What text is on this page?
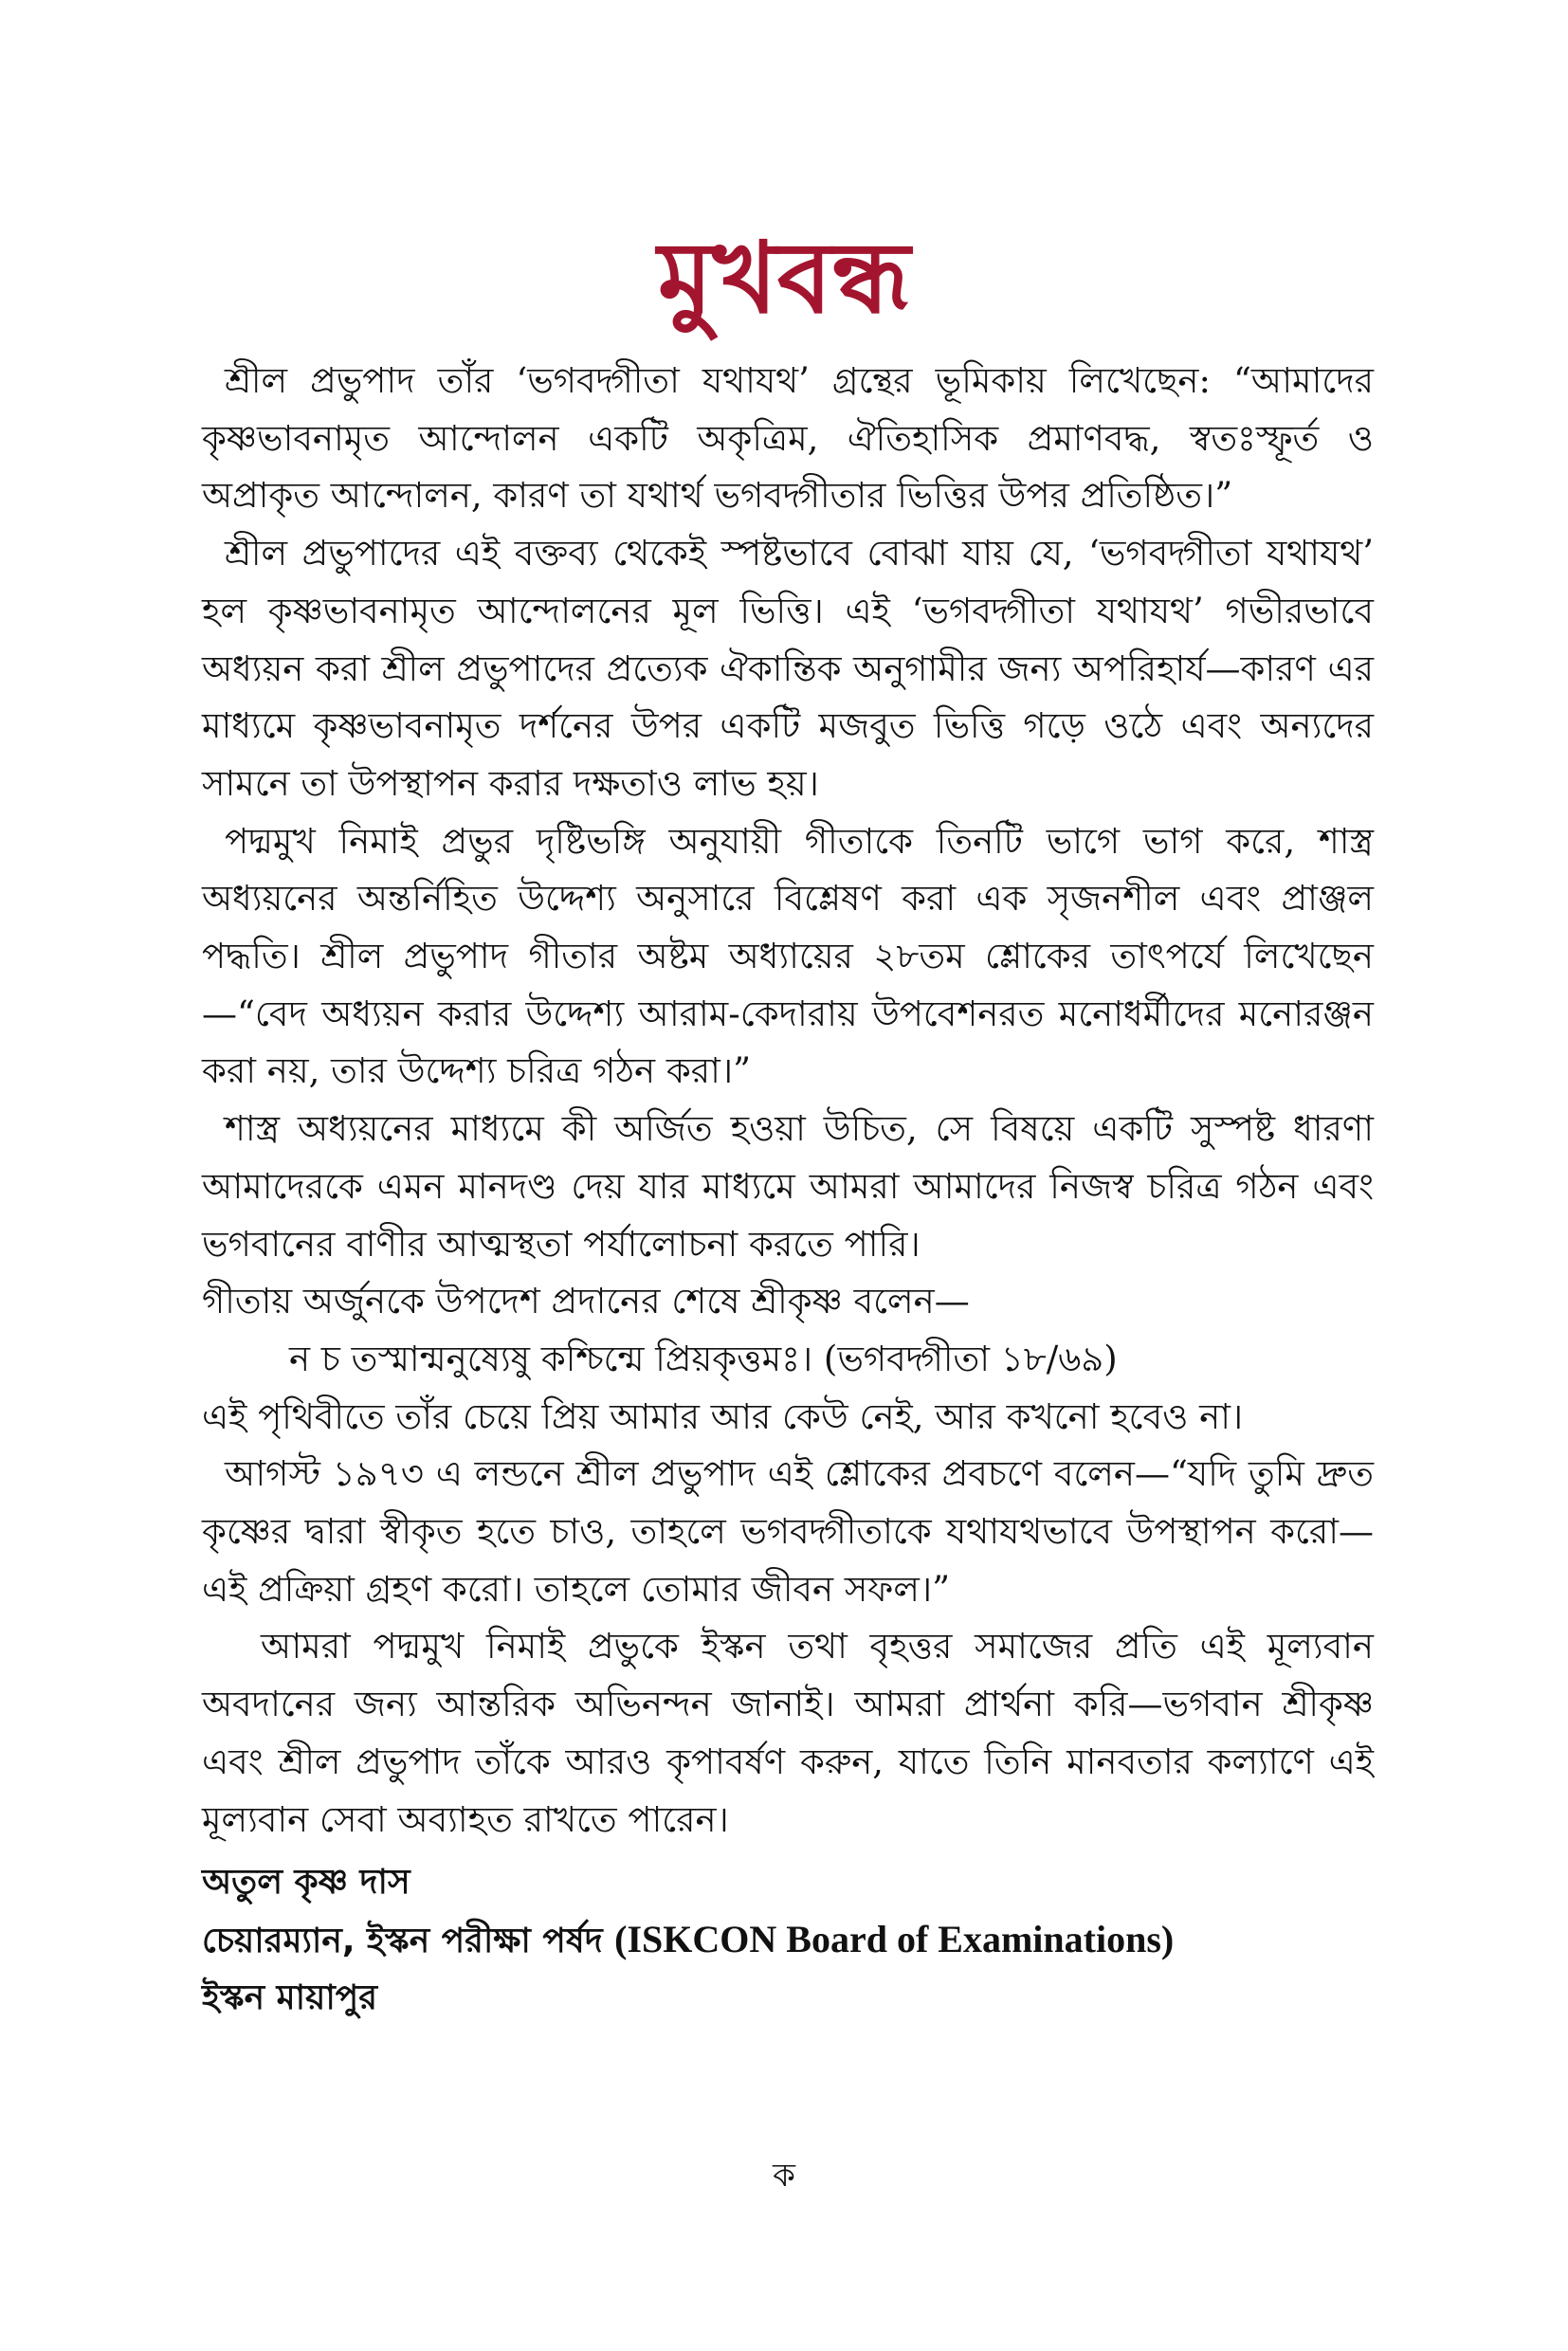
মুখবন্ধ

শ্রীল প্রভুপাদ তাঁর ‘ভগবদ্গীতা যথাযথ’ গ্রন্থের ভূমিকায় লিখেছেন: “আমাদের কৃষ্ণভাবনামৃত আন্দোলন একটি অকৃত্রিম, ঐতিহাসিক প্রমাণবদ্ধ, স্বতঃস্ফূর্ত ও অপ্রাকৃত আন্দোলন, কারণ তা যথার্থ ভগবদ্গীতার ভিত্তির উপর প্রতিষ্ঠিত।”

শ্রীল প্রভুপাদের এই বক্তব্য থেকেই স্পষ্টভাবে বোঝা যায় যে, ‘ভগবদ্গীতা যথাযথ’ হল কৃষ্ণভাবনামৃত আন্দোলনের মূল ভিত্তি। এই ‘ভগবদ্গীতা যথাযথ’ গভীরভাবে অধ্যয়ন করা শ্রীল প্রভুপাদের প্রত্যেক ঐকান্তিক অনুগামীর জন্য অপরিহার্য—কারণ এর মাধ্যমে কৃষ্ণভাবনামৃত দর্শনের উপর একটি মজবুত ভিত্তি গড়ে ওঠে এবং অন্যদের সামনে তা উপস্থাপন করার দক্ষতাও লাভ হয়।

পদ্মমুখ নিমাই প্রভুর দৃষ্টিভঙ্গি অনুযায়ী গীতাকে তিনটি ভাগে ভাগ করে, শাস্ত্র অধ্যয়নের অন্তর্নিহিত উদ্দেশ্য অনুসারে বিশ্লেষণ করা এক সৃজনশীল এবং প্রাঞ্জল পদ্ধতি। শ্রীল প্রভুপাদ গীতার অষ্টম অধ্যায়ের ২৮তম শ্লোকের তাৎপর্যে লিখেছেন—“বেদ অধ্যয়ন করার উদ্দেশ্য আরাম-কেদারায় উপবেশনরত মনোধর্মীদের মনোরঞ্জন করা নয়, তার উদ্দেশ্য চরিত্র গঠন করা।”

শাস্ত্র অধ্যয়নের মাধ্যমে কী অর্জিত হওয়া উচিত, সে বিষয়ে একটি সুস্পষ্ট ধারণা আমাদেরকে এমন মানদণ্ড দেয় যার মাধ্যমে আমরা আমাদের নিজস্ব চরিত্র গঠন এবং ভগবানের বাণীর আত্মস্থতা পর্যালোচনা করতে পারি।

গীতায় অর্জুনকে উপদেশ প্রদানের শেষে শ্রীকৃষ্ণ বলেন—

ন চ তস্মান্মনুষ্যেষু কশ্চিন্মে প্রিয়কৃত্তমঃ। (ভগবদ্গীতা ১৮/৬৯)

এই পৃথিবীতে তাঁর চেয়ে প্রিয় আমার আর কেউ নেই, আর কখনো হবেও না।

আগস্ট ১৯৭৩ এ লন্ডনে শ্রীল প্রভুপাদ এই শ্লোকের প্রবচণে বলেন—“যদি তুমি দ্রুত কৃষ্ণের দ্বারা স্বীকৃত হতে চাও, তাহলে ভগবদ্গীতাকে যথাযথভাবে উপস্থাপন করো—এই প্রক্রিয়া গ্রহণ করো। তাহলে তোমার জীবন সফল।”

আমরা পদ্মমুখ নিমাই প্রভুকে ইস্কন তথা বৃহত্তর সমাজের প্রতি এই মূল্যবান অবদানের জন্য আন্তরিক অভিনন্দন জানাই। আমরা প্রার্থনা করি—ভগবান শ্রীকৃষ্ণ এবং শ্রীল প্রভুপাদ তাঁকে আরও কৃপাবর্ষণ করুন, যাতে তিনি মানবতার কল্যাণে এই মূল্যবান সেবা অব্যাহত রাখতে পারেন।

অতুল কৃষ্ণ দাস

চেয়ারম্যান, ইস্কন পরীক্ষা পর্ষদ (ISKCON Board of Examinations)

ইস্কন মায়াপুর

ক
